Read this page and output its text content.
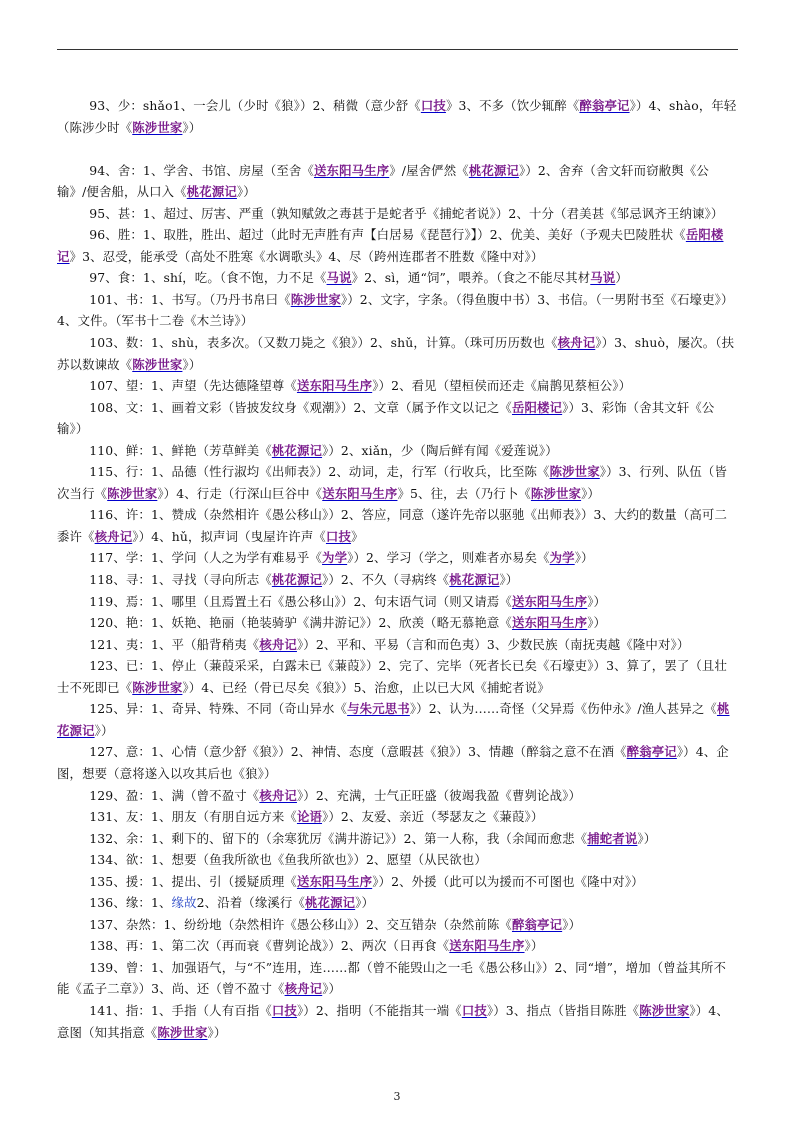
93、少：shǎo1、一会儿（少时《狼》）2、稍微（意少舒《口技》3、不多（饮少辄醉《醉翁亭记》）4、shào，年轻（陈涉少时《陈涉世家》）

94、舍：1、学舍、书馆、房屋（至舍《送东阳马生序》/屋舍俨然《桃花源记》）2、舍弃（舍文轩而窃敝舆《公输》/便舍船，从口入《桃花源记》）

95、甚：1、超过、厉害、严重（孰知赋敛之毒甚于是蛇者乎《捕蛇者说》）2、十分（君美甚《邹忌讽齐王纳谏》）

96、胜：1、取胜，胜出、超过（此时无声胜有声【白居易《琵琶行》】）2、优美、美好（予观夫巴陵胜状《岳阳楼记》3、忍受，能承受（高处不胜寒《水调歌头》4、尽（跨州连郡者不胜数《隆中对》）

97、食：1、shí，吃。（食不饱，力不足《马说》2、sì，通“饲”，喂养。（食之不能尽其材马说）

101、书：1、书写。（乃丹书帛曰《陈涉世家》）2、文字，字条。（得鱼腹中书）3、书信。（一男附书至《石壕吏》）4、文件。（军书十二卷《木兰诗》）

103、数：1、shù，表多次。（又数刀毙之《狼》）2、shǔ，计算。（珠可历历数也《核舟记》）3、shuò，屡次。（扶苏以数谏故《陈涉世家》）

107、望：1、声望（先达德隆望尊《送东阳马生序》）2、看见（望桓侯而还走《扁鹊见蔡桓公》）

108、文：1、画着文彩（皆披发纹身《观潮》）2、文章（属予作文以记之《岳阳楼记》）3、彩饰（舍其文轩《公输》）

110、鲜：1、鲜艳（芳草鲜美《桃花源记》）2、xiǎn，少（陶后鲜有闻《爱莲说》）

115、行：1、品德（性行淑均《出师表》）2、动词，走，行军（行收兵，比至陈《陈涉世家》）3、行列、队伍（皆次当行《陈涉世家》）4、行走（行深山巨谷中《送东阳马生序》5、往，去（乃行卜《陈涉世家》）

116、许：1、赞成（杂然相许《愚公移山》）2、答应，同意（遂许先帝以驱驰《出师表》）3、大约的数量（高可二黍许《核舟记》）4、hǔ，拟声词（曳屋许许声《口技》

117、学：1、学问（人之为学有难易乎《为学》）2、学习（学之，则难者亦易矣《为学》）

118、寻：1、寻找（寻向所志《桃花源记》）2、不久（寻病终《桃花源记》）

119、焉：1、哪里（且焉置土石《愚公移山》）2、句末语气词（则又请焉《送东阳马生序》）

120、艳：1、妖艳、艳丽（艳装骑驴《满井游记》）2、欣羡（略无慕艳意《送东阳马生序》）

121、夷：1、平（船背稍夷《核舟记》）2、平和、平易（言和而色夷）3、少数民族（南抚夷越《隆中对》）

123、已：1、停止（蒹葭采采，白露未已《蒹葭》）2、完了、完毕（死者长已矣《石壕吏》）3、算了，罢了（且壮士不死即已《陈涉世家》）4、已经（骨已尽矣《狼》）5、治愈，止以已大风《捕蛇者说》

125、异：1、奇异、特殊、不同（奇山异水《与朱元思书》）2、认为……奇怪（父异焉《伤仲永》/渔人甚异之《桃花源记》）

127、意：1、心情（意少舒《狼》）2、神情、态度（意暇甚《狼》）3、情趣（醉翁之意不在酒《醉翁亭记》）4、企图，想要（意将遂入以攻其后也《狼》）

129、盈：1、满（曾不盈寸《核舟记》）2、充满，士气正旺盛（彼竭我盈《曹刿论战》）

131、友：1、朋友（有朋自远方来《论语》）2、友爱、亲近（琴瑟友之《蒹葭》）

132、余：1、剩下的、留下的（余寒犹厉《满井游记》）2、第一人称，我（余闻而愈悲《捕蛇者说》）

134、欲：1、想要（鱼我所欲也《鱼我所欲也》）2、愿望（从民欲也）

135、援：1、提出、引（援疑质理《送东阳马生序》）2、外援（此可以为援而不可图也《隆中对》）

136、缘：1、缘故2、沿着（缘溪行《桃花源记》）

137、杂然：1、纷纷地（杂然相许《愚公移山》）2、交互错杂（杂然前陈《醉翁亭记》）

138、再：1、第二次（再而衰《曹刿论战》）2、两次（日再食《送东阳马生序》）

139、曾：1、加强语气，与“不”连用，连……都（曾不能毁山之一毛《愚公移山》）2、同“增”，增加（曾益其所不能《孟子二章》）3、尚、还（曾不盈寸《核舟记》）

141、指：1、手指（人有百指《口技》）2、指明（不能指其一端《口技》）3、指点（皆指目陈胜《陈涉世家》）4、意图（知其指意《陈涉世家》）

3
